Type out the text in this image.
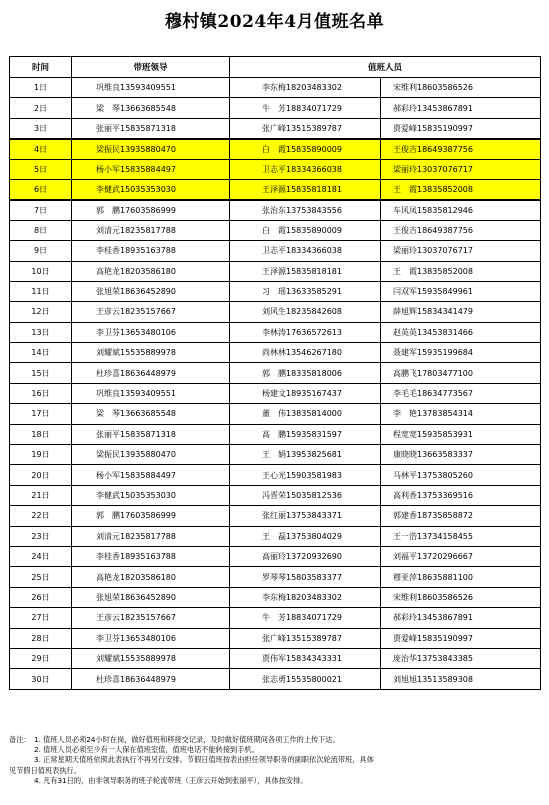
穆村镇2024年4月值班名单
时间	带班领导	值班人员	
1日	巩维良13593409551	李东梅18203483302	宋维利18603586526
2日	梁　琴13663685548	牛　芳18834071729	郝彩玲13453867891
3日	张丽平15835871318	张广峰13515389787	贾爱峰15835190997
4日	梁振民13935880470	白　霞15835890009	王俊吉18649387756
5日	杨小军15835884497	卫志平18334366038	梁丽玲13037076717
6日	李健武15035353030	王泽源15835818181	王　霞13835852008
7日	郭　鹏17603586999	张治东13753843556	车风凤15835812946
8日	刘清元18235817788	白　霞15835890009	王俊吉18649387756
9日	李桂香18935163788	卫志平18334366038	梁丽玲13037076717
10日	高艳龙18203586180	王泽源15835818181	王　霞13835852008
11日	张旭荣18636452890	习　瑶13633585291	闫双军15935849961
12日	王彦云18235157667	刘风生18235842608	薛旭辉15834341479
13日	李卫芬13653480106	李林涛17636572613	赵英英13453831466
14日	刘耀斌15535889978	尚林林13546267180	聂建军15935199684
15日	杜珍喜18636448979	郭　鹏18335818006	高鹏飞17803477100
16日	巩维良13593409551	杨建文18935167437	李毛毛18634773567
17日	梁　琴13663685548	董　伟13835814000	李　艳13783854314
18日	张丽平15835871318	高　鹏15935831597	程宽宽15935853931
19日	梁振民13935880470	王　娟13953825681	康晓晓13663583337
20日	杨小军15835884497	王心光15903581983	马林平13753805260
21日	李健武15035353030	冯晋荣15035812536	高利香13753369516
22日	郭　鹏17603586999	张红丽13753843371	郭建香18735858872
23日	刘清元18235817788	王　磊13753804029	王一浩13734158455
24日	李桂香18935163788	高丽玲13720932690	刘福平13720296667
25日	高艳龙18203586180	罗琴琴15803583377	穆亚萍18635881100
26日	张旭荣18636452890	李东梅18203483302	宋维利18603586526
27日	王彦云18235157667	牛　芳18834071729	郝彩玲13453867891
28日	李卫芬13653480106	张广峰13515389787	贾爱峰15835190997
29日	刘耀斌15535889978	贾伟军15834343331	庞治华13753843385
30日	杜珍喜18636448979	张志勇15535800021	刘旭旭13513589308
备注： 1. 值班人员必须24小时在岗，做好值班和移接交记录，及时做好值班期间各项工作的上传下达。
2. 值班人员必须至少有一人保在值班室值，值班电话不能转接到手机。
3. 正常星期天值班依照此表执行不再另行安排。节假日值班按表由担任领导职务的副职依次轮流带班，具体
见节假日值班表执行。
4. 凡有31日的，由非领导职务的班子轮流带班（王彦云开始到张丽平），具体按安排。
